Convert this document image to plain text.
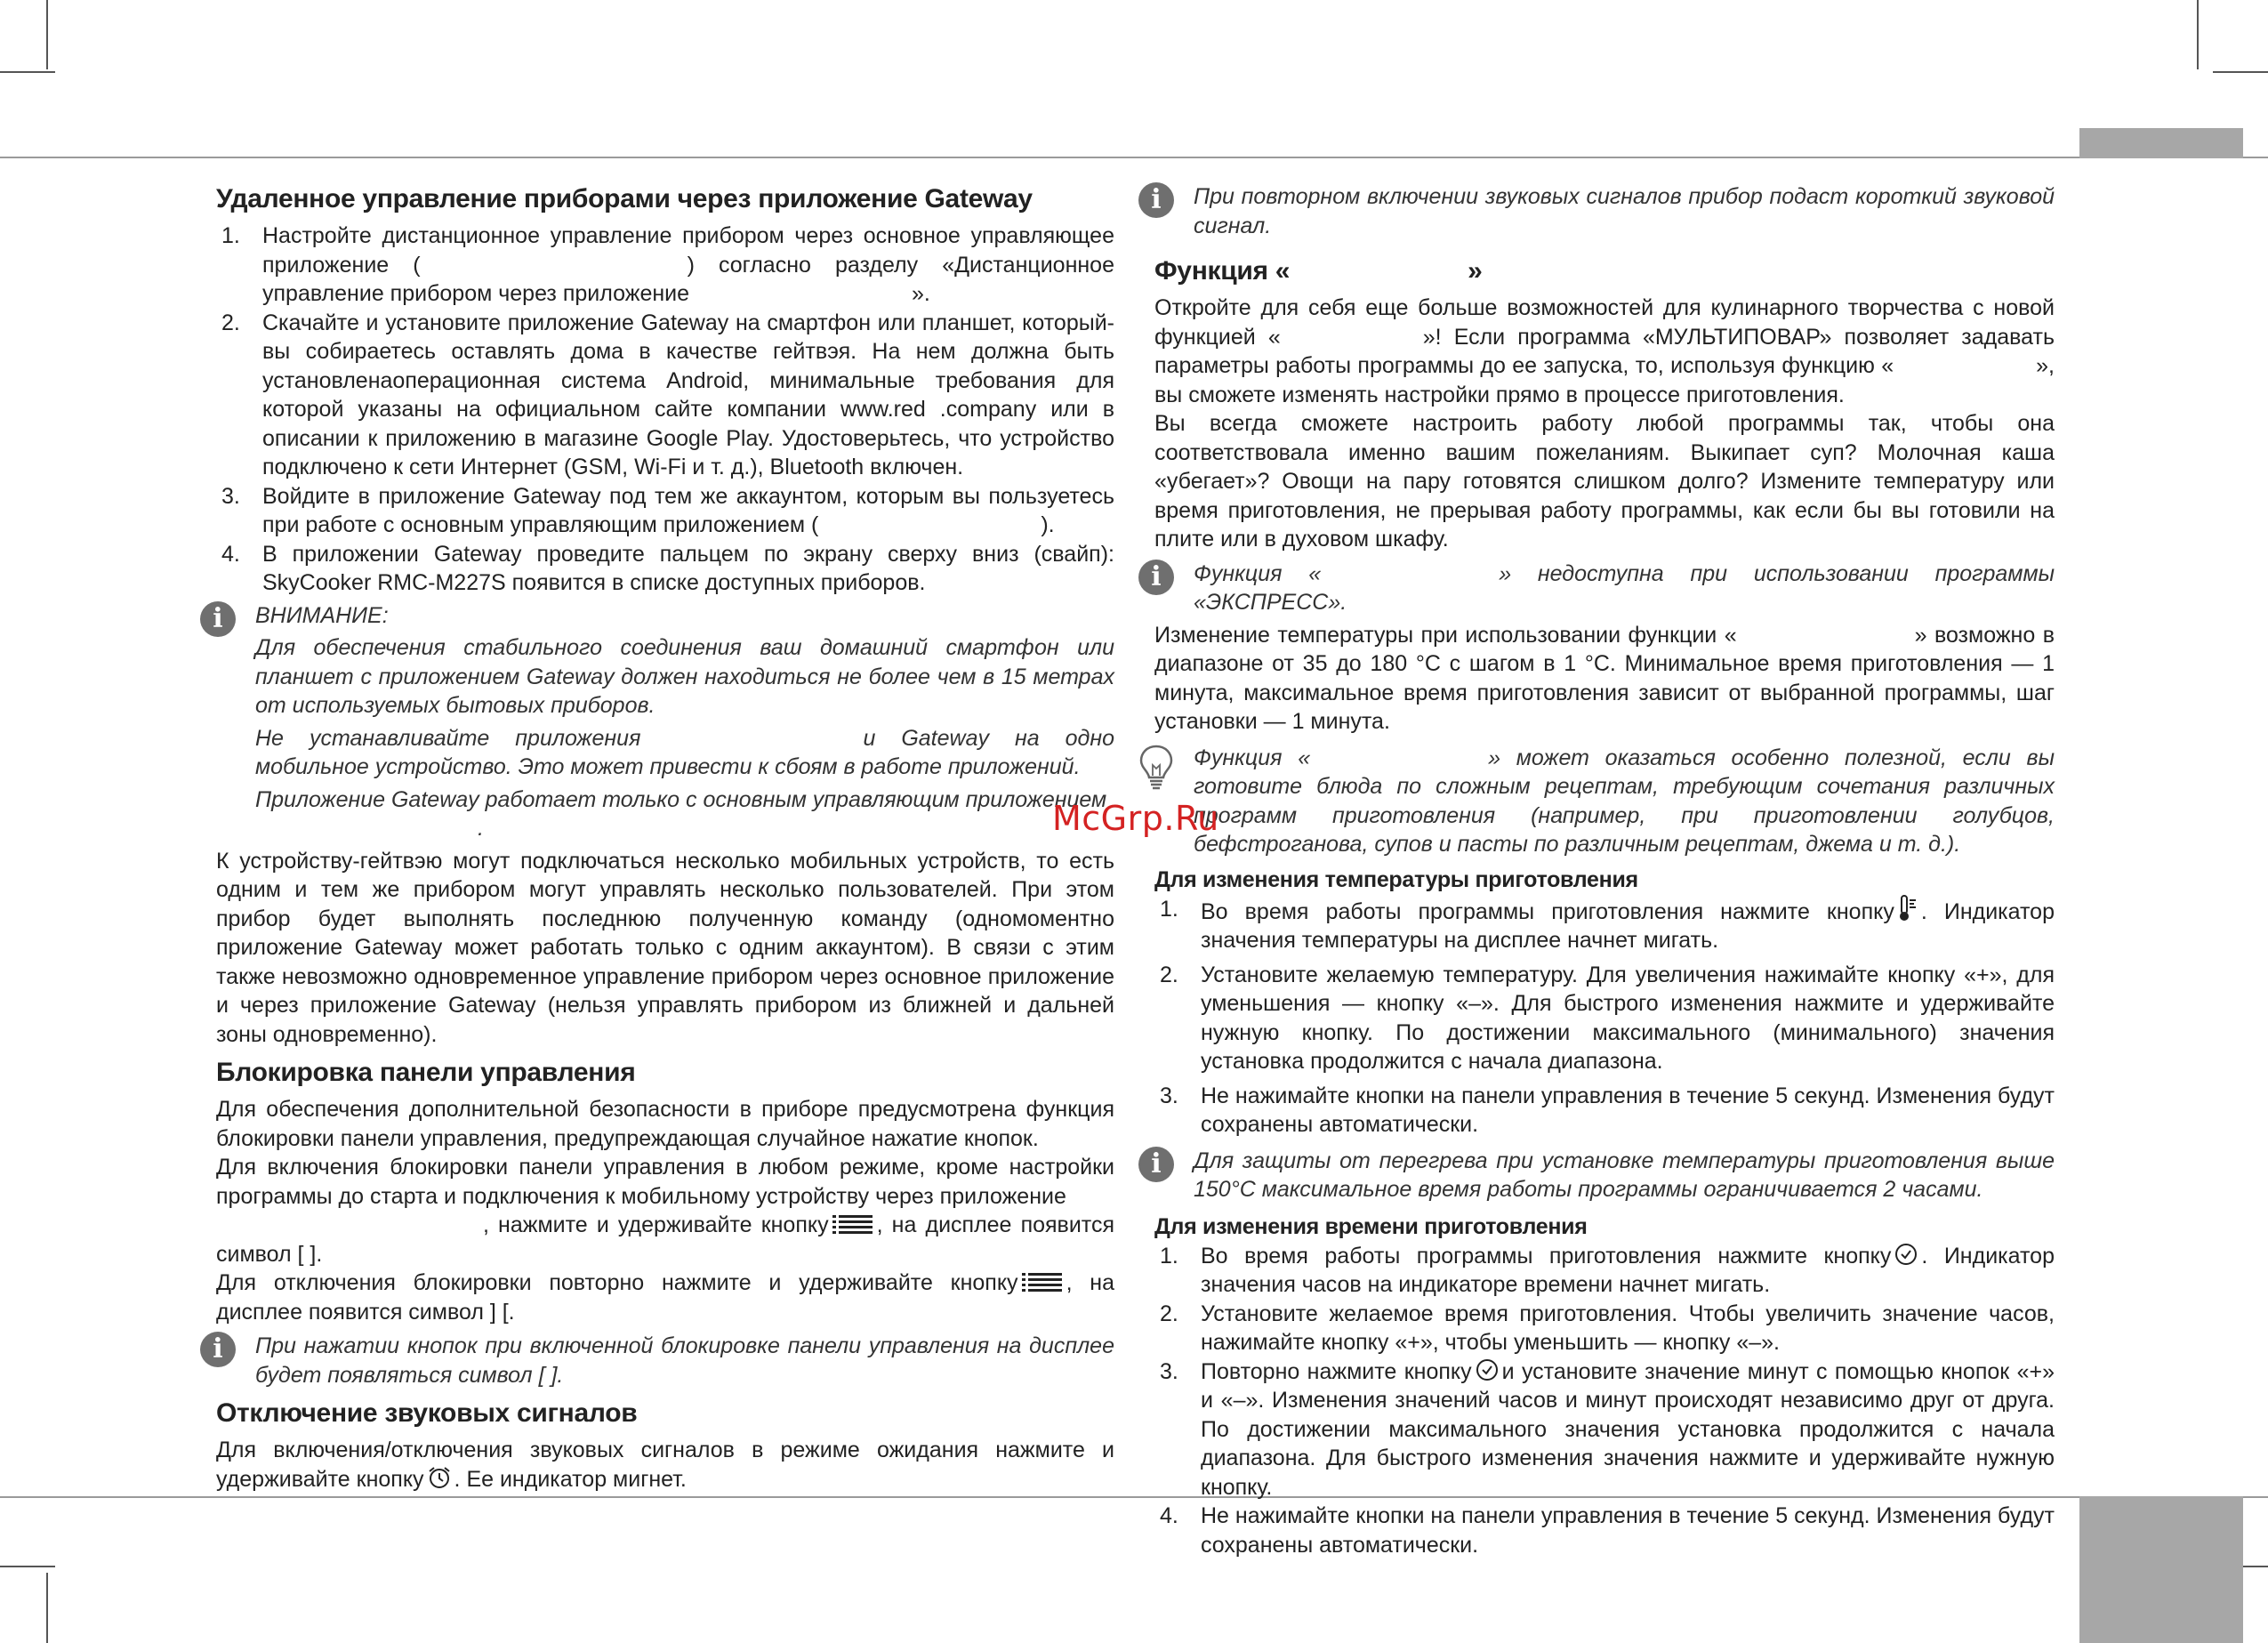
Удаленное управление приборами через приложение Gateway
1. Настройте дистанционное управление прибором через основное управляющее приложение (	) согласно разделу «Дистанционное управление прибором через приложение	».
2. Скачайте и установите приложение Gateway на смартфон или планшет, которыйвы собираетесь оставлять дома в качестве гейтвэя. На нем должна быть установленаоперационная система Android, минимальные требования для которой указаны на официальном сайте компании www.red .company или в описании к приложению в магазине Google Play. Удостоверьтесь, что устройство подключено к сети Интернет (GSM, Wi-Fi и т. д.), Bluetooth включен.
3. Войдите в приложение Gateway под тем же аккаунтом, которым вы пользуетесь при работе с основным управляющим приложением (	).
4. В приложении Gateway проведите пальцем по экрану сверху вниз (свайп): SkyCooker RMC-M227S появится в списке доступных приборов.
i	ВНИМАНИЕ:

Для обеспечения стабильного соединения ваш домашний смартфон или планшет с приложением Gateway должен находиться не более чем в 15 метрах от используемых бытовых приборов.

Не устанавливайте приложения	и Gateway на одно мобильное устройство. Это может привести к сбоям в работе приложений.

Приложение Gateway работает только с основным управляющим приложением
.

К устройству-гейтвэю могут подключаться несколько мобильных устройств, то есть одним и тем же прибором могут управлять несколько пользователей. При этом прибор будет выполнять последнюю полученную команду (одномоментно приложение Gateway может работать только с одним аккаунтом). В связи с этим также невозможно одновременное управление прибором через основное приложение и через приложение Gateway (нельзя управлять прибором из ближней и дальней зоны одновременно).

Блокировка панели управления

Для обеспечения дополнительной безопасности в приборе предусмотрена функция блокировки панели управления, предупреждающая случайное нажатие кнопок.

Для включения блокировки панели управления в любом режиме, кроме настройки программы до старта и подключения к мобильному устройству через приложение
, нажмите и удерживайте кнопку , на дисплее появится символ [ ].

Для отключения блокировки повторно нажмите и удерживайте кнопку , на дисплее появится символ ] [.

i	При нажатии кнопок при включенной блокировке панели управления на дисплее будет появляться символ [ ].

Отключение звуковых сигналов

Для включения/отключения звуковых сигналов в режиме ожидания нажмите и удерживайте кнопку . Ее индикатор мигнет.

i	При повторном включении звуковых сигналов прибор подаст короткий звуковой сигнал.

Функция «	»

Откройте для себя еще больше возможностей для кулинарного творчества с новой функцией «	»! Если программа «МУЛЬТИПОВАР» позволяет задавать параметры работы программы до ее запуска, то, используя функцию «	», вы сможете изменять настройки прямо в процессе приготовления.

Вы всегда сможете настроить работу любой программы так, чтобы она соответствовала именно вашим пожеланиям. Выкипает суп? Молочная каша «убегает»? Овощи на пару готовятся слишком долго? Измените температуру или время приготовления, не прерывая работу программы, как если бы вы готовили на плите или в духовом шкафу.

i	Функция «	» недоступна при использовании программы «ЭКСПРЕСС».

Изменение температуры при использовании функции «	» возможно в диапазоне от 35 до 180 °С с шагом в 1 °С. Минимальное время приготовления — 1 минута, максимальное время приготовления зависит от выбранной программы, шаг установки — 1 минута.

Функция «	» может оказаться особенно полезной, если вы готовите блюда по сложным рецептам, требующим сочетания различных программ приготовления (например, при приготовлении голубцов, бефстроганова, супов и пасты по различным рецептам, джема и т. д.).

Для изменения температуры приготовления
1. Во время работы программы приготовления нажмите кнопку . Индикатор значения температуры на дисплее начнет мигать.
2. Установите желаемую температуру. Для увеличения нажимайте кнопку «+», для уменьшения — кнопку «–». Для быстрого изменения нажмите и удерживайте нужную кнопку. По достижении максимального (минимального) значения установка продолжится с начала диапазона.
3. Не нажимайте кнопки на панели управления в течение 5 секунд. Изменения будут сохранены автоматически.
i	Для защиты от перегрева при установке температуры приготовления выше 150°С максимальное время работы программы ограничивается 2 часами.

Для изменения времени приготовления
1. Во время работы программы приготовления нажмите кнопку . Индикатор значения часов на индикаторе времени начнет мигать.
2. Установите желаемое время приготовления. Чтобы увеличить значение часов, нажимайте кнопку «+», чтобы уменьшить — кнопку «–».
3. Повторно нажмите кнопку и установите значение минут с помощью кнопок «+» и «–». Изменения значений часов и минут происходят независимо друг от друга. По достижении максимального значения установка продолжится с начала диапазона. Для быстрого изменения значения нажмите и удерживайте нужную кнопку.
4. Не нажимайте кнопки на панели управления в течение 5 секунд. Изменения будут сохранены автоматически.
McGrp.Ru
